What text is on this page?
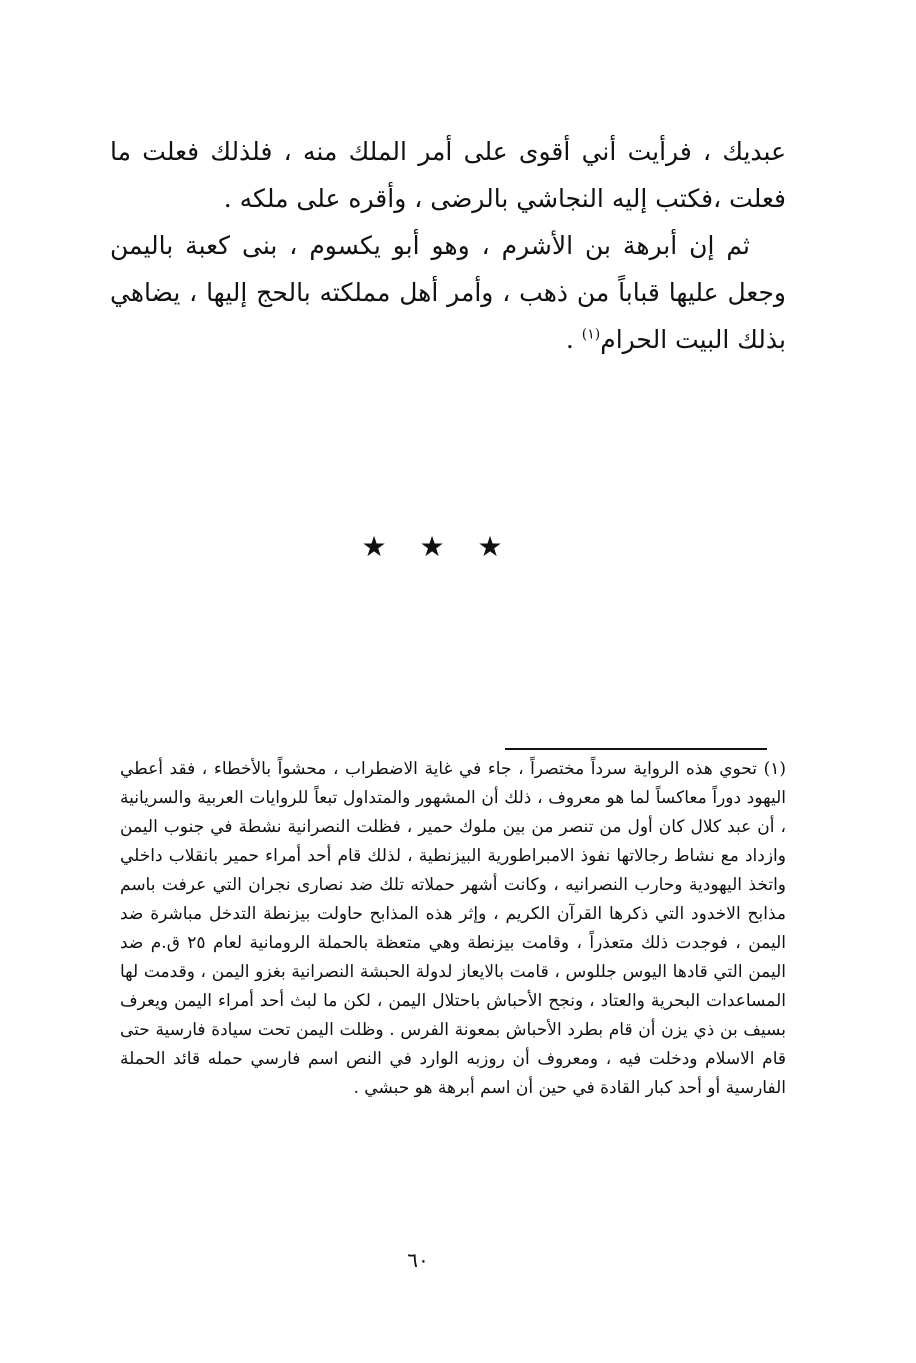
عبديك ، فرأيت أني أقوى على أمر الملك منه ، فلذلك فعلت ما فعلت ،فكتب إليه النجاشي بالرضى ، وأقره على ملكه .

ثم إن أبرهة بن الأشرم ، وهو أبو يكسوم ، بنى كعبة باليمن وجعل عليها قباباً من ذهب ، وأمر أهل مملكته بالحج إليها ، يضاهي بذلك البيت الحرام$^{(١)}$ .

★ ★ ★

(١) تحوي هذه الرواية سرداً مختصراً ، جاء في غاية الاضطراب ، محشواً بالأخطاء ، فقد أعطي اليهود دوراً معاكساً لما هو معروف ، ذلك أن المشهور والمتداول تبعاً للروايات العربية والسريانية ، أن عبد كلال كان أول من تنصر من بين ملوك حمير ، فظلت النصرانية نشطة في جنوب اليمن وازداد مع نشاط رجالاتها نفوذ الامبراطورية البيزنطية ، لذلك قام أحد أمراء حمير بانقلاب داخلي واتخذ اليهودية وحارب النصرانيه ، وكانت أشهر حملاته تلك ضد نصارى نجران التي عرفت باسم مذابح الاخدود التي ذكرها القرآن الكريم ، وإثر هذه المذابح حاولت بيزنطة التدخل مباشرة ضد اليمن ، فوجدت ذلك متعذراً ، وقامت بيزنطة وهي متعظة بالحملة الرومانية لعام ٢٥ ق.م ضد اليمن التي قادها اليوس جللوس ، قامت بالايعاز لدولة الحبشة النصرانية بغزو اليمن ، وقدمت لها المساعدات البحرية والعتاد ، ونجح الأحباش باحتلال اليمن ، لكن ما لبث أحد أمراء اليمن ويعرف بسيف بن ذي يزن أن قام بطرد الأحباش بمعونة الفرس . وظلت اليمن تحت سيادة فارسية حتى قام الاسلام ودخلت فيه ، ومعروف أن روزبه الوارد في النص اسم فارسي حمله قائد الحملة الفارسية أو أحد كبار القادة في حين أن اسم أبرهة هو حبشي .

٦٠
